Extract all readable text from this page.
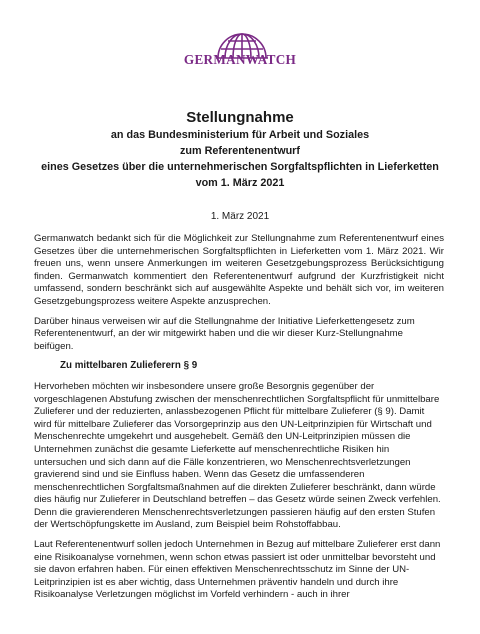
GERMANWATCH
Stellungnahme
an das Bundesministerium für Arbeit und Soziales
zum Referentenentwurf
eines Gesetzes über die unternehmerischen Sorgfaltspflichten in Lieferketten
vom 1. März 2021
1. März 2021

Germanwatch bedankt sich für die Möglichkeit zur Stellungnahme zum Referentenentwurf eines Gesetzes über die unternehmerischen Sorgfaltspflichten in Lieferketten vom 1. März 2021. Wir freuen uns, wenn unsere Anmerkungen im weiteren Gesetzgebungsprozess Berücksichtigung finden. Germanwatch kommentiert den Referentenentwurf aufgrund der Kurzfristigkeit nicht umfassend, sondern beschränkt sich auf ausgewählte Aspekte und behält sich vor, im weiteren Gesetzgebungsprozess weitere Aspekte anzusprechen.

Darüber hinaus verweisen wir auf die Stellungnahme der Initiative Lieferkettengesetz zum Referentenentwurf, an der wir mitgewirkt haben und die wir dieser Kurz-Stellungnahme beifügen.

Zu mittelbaren Zulieferern § 9

Hervorheben möchten wir insbesondere unsere große Besorgnis gegenüber der vorgeschlagenen Abstufung zwischen der menschenrechtlichen Sorgfaltspflicht für unmittelbare Zulieferer und der reduzierten, anlassbezogenen Pflicht für mittelbare Zulieferer (§ 9). Damit wird für mittelbare Zulieferer das Vorsorgeprinzip aus den UN-Leitprinzipien für Wirtschaft und Menschenrechte umgekehrt und ausgehebelt. Gemäß den UN-Leitprinzipien müssen die Unternehmen zunächst die gesamte Lieferkette auf menschenrechtliche Risiken hin untersuchen und sich dann auf die Fälle konzentrieren, wo Menschenrechtsverletzungen gravierend sind und sie Einfluss haben. Wenn das Gesetz die umfassenderen menschenrechtlichen Sorgfaltsmaßnahmen auf die direkten Zulieferer beschränkt, dann würde dies häufig nur Zulieferer in Deutschland betreffen – das Gesetz würde seinen Zweck verfehlen. Denn die gravierenderen Menschenrechtsverletzungen passieren häufig auf den ersten Stufen der Wertschöpfungskette im Ausland, zum Beispiel beim Rohstoffabbau.

Laut Referentenentwurf sollen jedoch Unternehmen in Bezug auf mittelbare Zulieferer erst dann eine Risikoanalyse vornehmen, wenn schon etwas passiert ist oder unmittelbar bevorsteht und sie davon erfahren haben. Für einen effektiven Menschenrechtsschutz im Sinne der UN-Leitprinzipien ist es aber wichtig, dass Unternehmen präventiv handeln und durch ihre Risikoanalyse Verletzungen möglichst im Vorfeld verhindern - auch in ihrer
